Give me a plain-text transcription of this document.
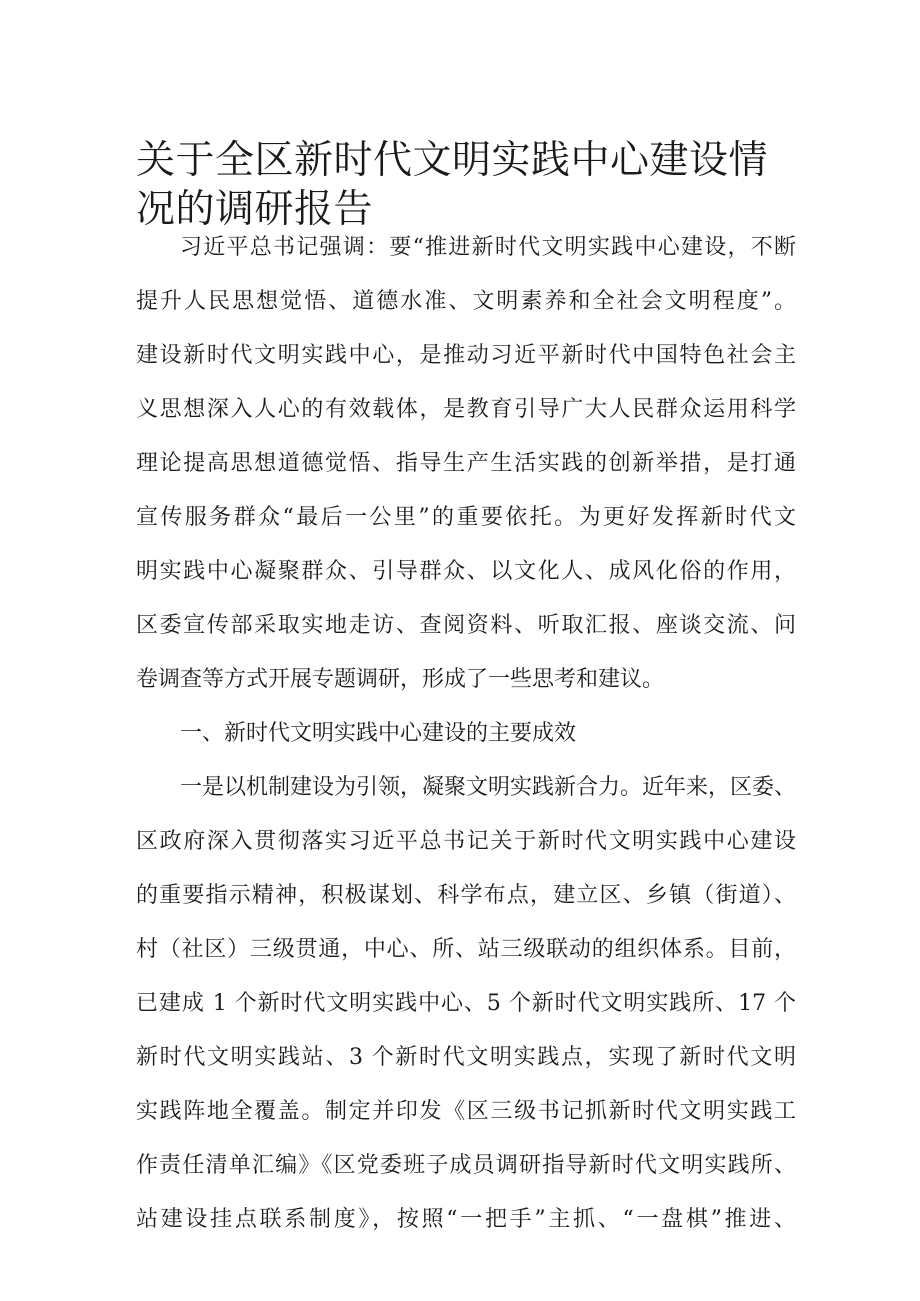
关于全区新时代文明实践中心建设情况的调研报告
习近平总书记强调：要“推进新时代文明实践中心建设，不断
提升人民思想觉悟、道德水准、文明素养和全社会文明程度”。
建设新时代文明实践中心，是推动习近平新时代中国特色社会主
义思想深入人心的有效载体，是教育引导广大人民群众运用科学
理论提高思想道德觉悟、指导生产生活实践的创新举措，是打通
宣传服务群众“最后一公里”的重要依托。为更好发挥新时代文
明实践中心凝聚群众、引导群众、以文化人、成风化俗的作用，
区委宣传部采取实地走访、查阅资料、听取汇报、座谈交流、问
卷调查等方式开展专题调研，形成了一些思考和建议。
一、新时代文明实践中心建设的主要成效
一是以机制建设为引领，凝聚文明实践新合力。近年来，区委、
区政府深入贯彻落实习近平总书记关于新时代文明实践中心建设
的重要指示精神，积极谋划、科学布点，建立区、乡镇（街道）、
村（社区）三级贯通，中心、所、站三级联动的组织体系。目前，
已建成 1 个新时代文明实践中心、5 个新时代文明实践所、17 个
新时代文明实践站、3 个新时代文明实践点，实现了新时代文明
实践阵地全覆盖。制定并印发《区三级书记抓新时代文明实践工
作责任清单汇编》《区党委班子成员调研指导新时代文明实践所、
站建设挂点联系制度》，按照“一把手”主抓、“一盘棋”推进、
